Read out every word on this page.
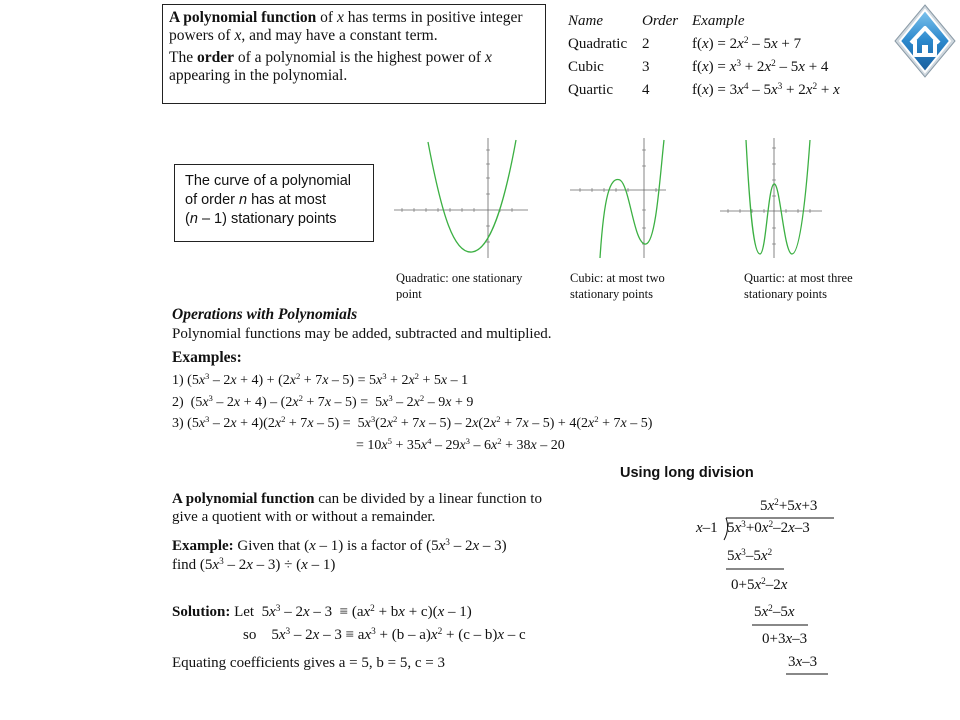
A polynomial function of x has terms in positive integer powers of x, and may have a constant term.

The order of a polynomial is the highest power of x appearing in the polynomial.

Name	Order Example
Quadratic 2	$f(x) = 2x^2 - 5x + 7$
Cubic	3	$f(x) = x^3 + 2x^2 - 5x + 4$
Quartic	4	$f(x) = 3x^4 - 5x^3 + 2x^2 + x$
The curve of a polynomial
of order n has at most
(n – 1) stationary points
Quadratic: one stationary
point
Cubic: at most two
stationary points
Quartic: at most three
stationary points
Operations with Polynomials
Polynomial functions may be added, subtracted and multiplied.
Examples:
1) $(5x^3 - 2x + 4) + (2x^2 + 7x - 5) = 5x^3 + 2x^2 + 5x - 1$
2)  $(5x^3 - 2x + 4) - (2x^2 + 7x - 5) = 5x^3 - 2x^2 - 9x + 9$
3) $(5x^3 - 2x + 4)(2x^2 + 7x - 5) = 5x^3(2x^2 + 7x - 5) - 2x(2x^2 + 7x - 5) + 4(2x^2 + 7x - 5)$
= $10x^5 + 35x^4 - 29x^3 - 6x^2 + 38x - 20$
Using long division
A polynomial function can be divided by a linear function to give a quotient with or without a remainder.
Example: Given that (x – 1) is a factor of $(5x^3 - 2x - 3)$
find $(5x^3 - 2x - 3) \div (x - 1)$
Solution: Let  $5x^3 - 2x - 3 \equiv (ax^2$ + bx + c)(x – 1)
so    $5x^3 - 2x - 3 \equiv ax^3 + (b - a)x^2 + (c - b)x - c$
Equating coefficients gives a = 5, b = 5, c = 3
$5x^2+5x+3$
x–1 $5x^3+0x^2-2x-3$
$5x^3-5x^2$
$0+5x^2-2x$
$5x^2-5x$
0+3x–3
3x–3
